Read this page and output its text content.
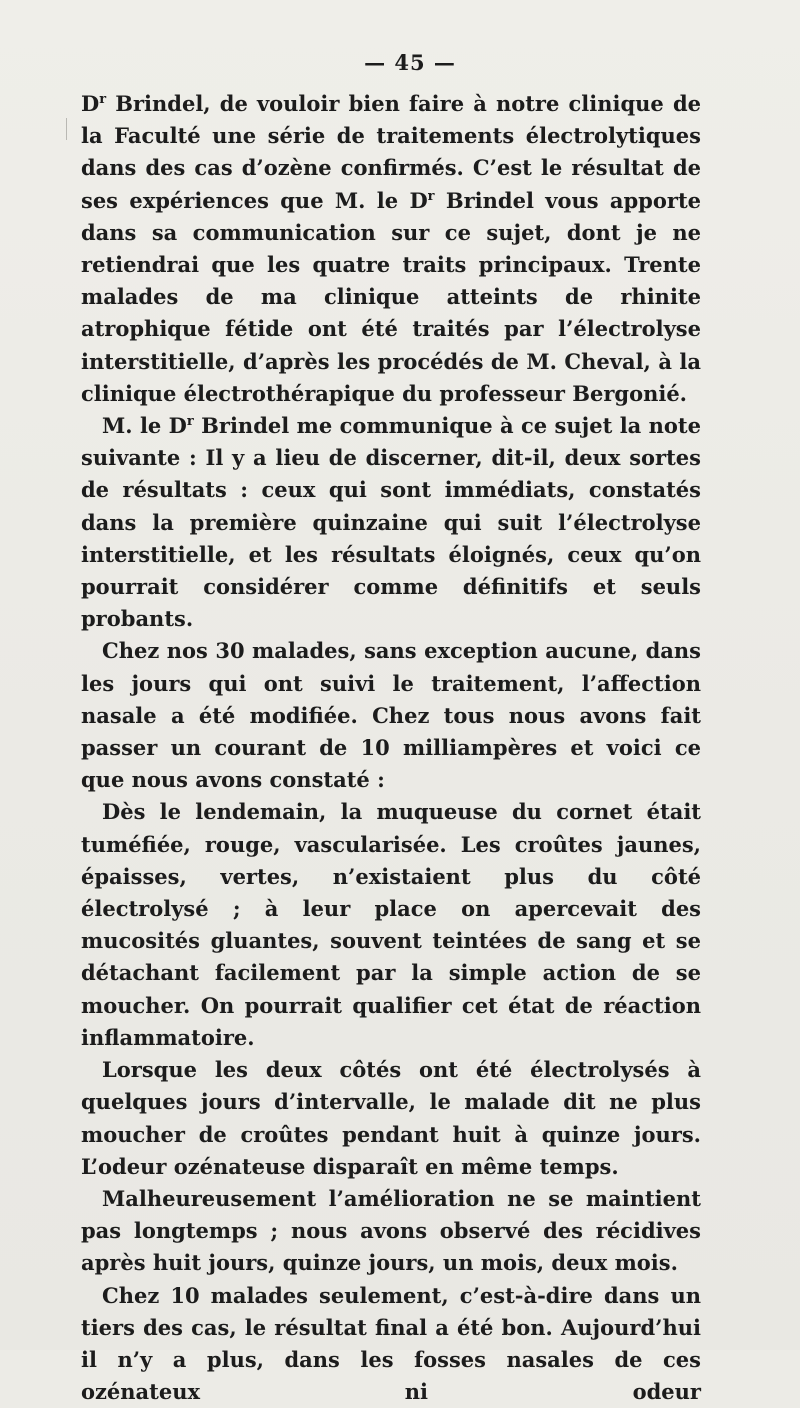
— 45 —

$D^r$ Brindel, de vouloir bien faire à notre clinique de la Faculté une série de traitements électrolytiques dans des cas d’ozène confirmés. C’est le résultat de ses expériences que M. le $D^r$ Brindel vous apporte dans sa communication sur ce sujet, dont je ne retiendrai que les quatre traits principaux. Trente malades de ma clinique atteints de rhinite atrophique fétide ont été traités par l’électrolyse interstitielle, d’après les procédés de M. Cheval, à la clinique électrothérapique du professeur Bergonié.

M. le $D^r$ Brindel me communique à ce sujet la note suivante : Il y a lieu de discerner, dit-il, deux sortes de résultats : ceux qui sont immédiats, constatés dans la première quinzaine qui suit l’électrolyse interstitielle, et les résultats éloignés, ceux qu’on pourrait considérer comme définitifs et seuls probants.

Chez nos 30 malades, sans exception aucune, dans les jours qui ont suivi le traitement, l’affection nasale a été modifiée. Chez tous nous avons fait passer un courant de 10 milliampères et voici ce que nous avons constaté :

Dès le lendemain, la muqueuse du cornet était tuméfiée, rouge, vascularisée. Les croûtes jaunes, épaisses, vertes, n’existaient plus du côté électrolysé ; à leur place on apercevait des mucosités gluantes, souvent teintées de sang et se détachant facilement par la simple action de se moucher. On pourrait qualifier cet état de réaction inflammatoire.

Lorsque les deux côtés ont été électrolysés à quelques jours d’intervalle, le malade dit ne plus moucher de croûtes pendant huit à quinze jours. L’odeur ozénateuse disparaît en même temps.

Malheureusement l’amélioration ne se maintient pas longtemps ; nous avons observé des récidives après huit jours, quinze jours, un mois, deux mois.

Chez 10 malades seulement, c’est-à-dire dans un tiers des cas, le résultat final a été bon. Aujourd’hui il n’y a plus, dans les fosses nasales de ces ozénateux ni odeur
